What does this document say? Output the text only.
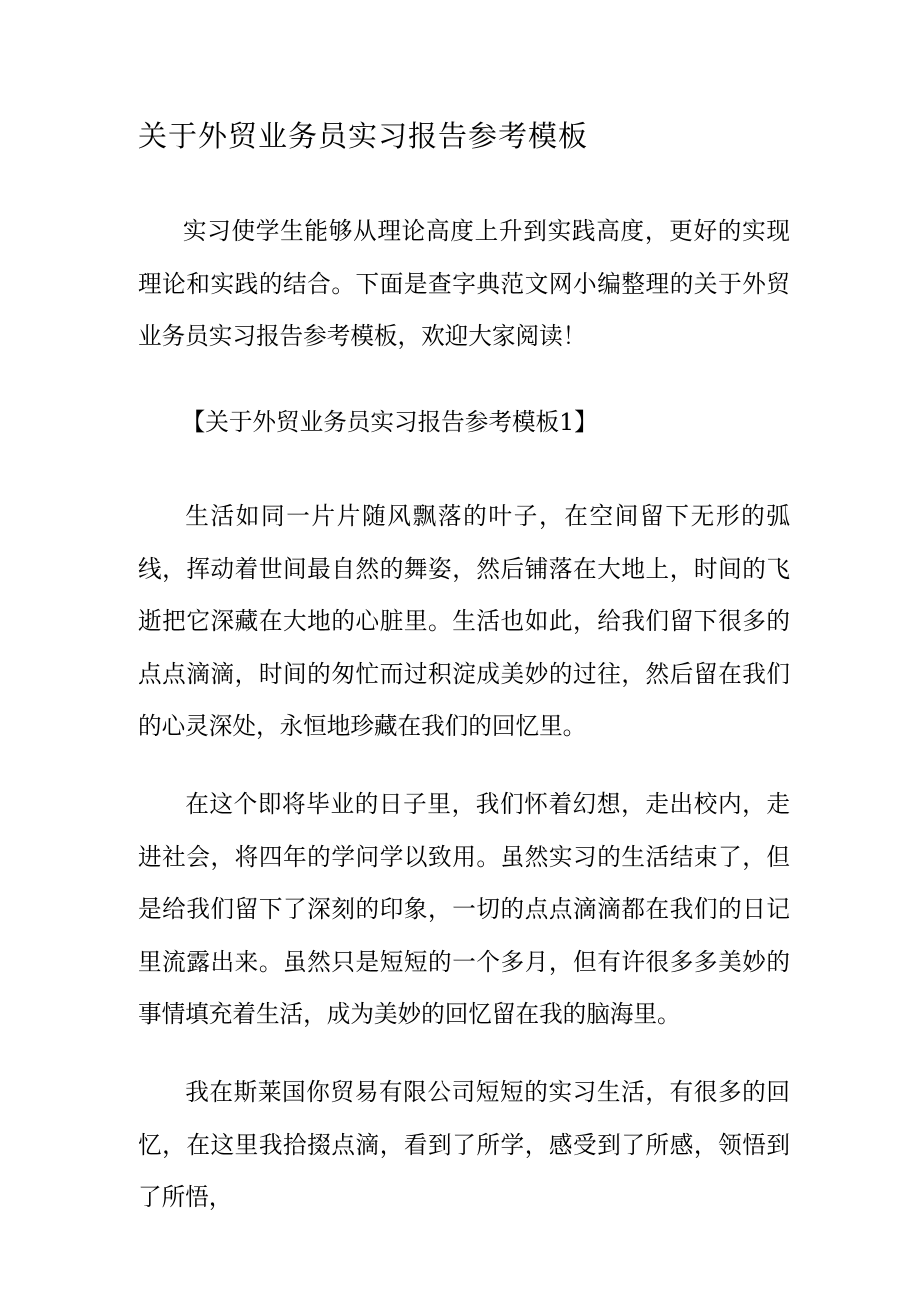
关于外贸业务员实习报告参考模板

实习使学生能够从理论高度上升到实践高度，更好的实现理论和实践的结合。下面是查字典范文网小编整理的关于外贸业务员实习报告参考模板，欢迎大家阅读！

【关于外贸业务员实习报告参考模板1】

生活如同一片片随风飘落的叶子，在空间留下无形的弧线，挥动着世间最自然的舞姿，然后铺落在大地上，时间的飞逝把它深藏在大地的心脏里。生活也如此，给我们留下很多的点点滴滴，时间的匆忙而过积淀成美妙的过往，然后留在我们的心灵深处，永恒地珍藏在我们的回忆里。

在这个即将毕业的日子里，我们怀着幻想，走出校内，走进社会，将四年的学问学以致用。虽然实习的生活结束了，但是给我们留下了深刻的印象，一切的点点滴滴都在我们的日记里流露出来。虽然只是短短的一个多月，但有许很多多美妙的事情填充着生活，成为美妙的回忆留在我的脑海里。

我在斯莱国你贸易有限公司短短的实习生活，有很多的回忆，在这里我拾掇点滴，看到了所学，感受到了所感，领悟到了所悟，
